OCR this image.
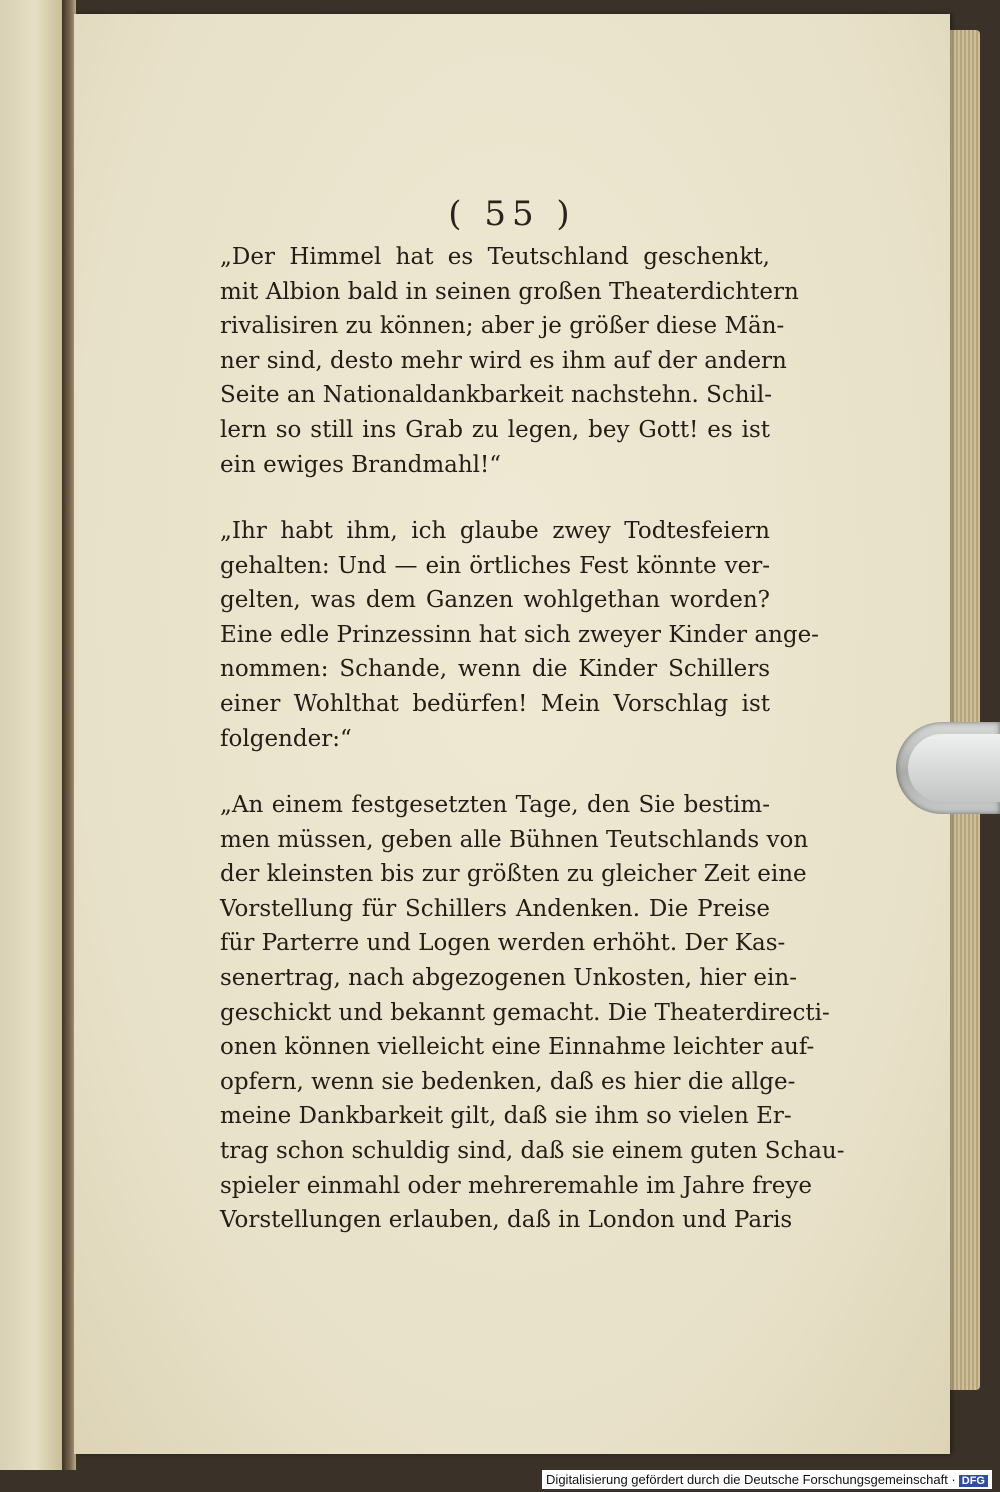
( 55 )
„Der Himmel hat es Teutschland geschenkt,
mit Albion bald in seinen großen Theaterdichtern
rivalisiren zu können; aber je größer diese Män-
ner sind, desto mehr wird es ihm auf der andern
Seite an Nationaldankbarkeit nachstehn. Schil-
lern so still ins Grab zu legen, bey Gott! es ist
ein ewiges Brandmahl!“
„Ihr habt ihm, ich glaube zwey Todtesfeiern
gehalten: Und — ein örtliches Fest könnte ver-
gelten, was dem Ganzen wohlgethan worden?
Eine edle Prinzessinn hat sich zweyer Kinder ange-
nommen: Schande, wenn die Kinder Schillers
einer Wohlthat bedürfen! Mein Vorschlag ist
folgender:“
„An einem festgesetzten Tage, den Sie bestim-
men müssen, geben alle Bühnen Teutschlands von
der kleinsten bis zur größten zu gleicher Zeit eine
Vorstellung für Schillers Andenken. Die Preise
für Parterre und Logen werden erhöht. Der Kas-
senertrag, nach abgezogenen Unkosten, hier ein-
geschickt und bekannt gemacht. Die Theaterdirecti-
onen können vielleicht eine Einnahme leichter auf-
opfern, wenn sie bedenken, daß es hier die allge-
meine Dankbarkeit gilt, daß sie ihm so vielen Er-
trag schon schuldig sind, daß sie einem guten Schau-
spieler einmahl oder mehreremahle im Jahre freye
Vorstellungen erlauben, daß in London und Paris
Digitalisierung gefördert durch die Deutsche Forschungsgemeinschaft · DFG
